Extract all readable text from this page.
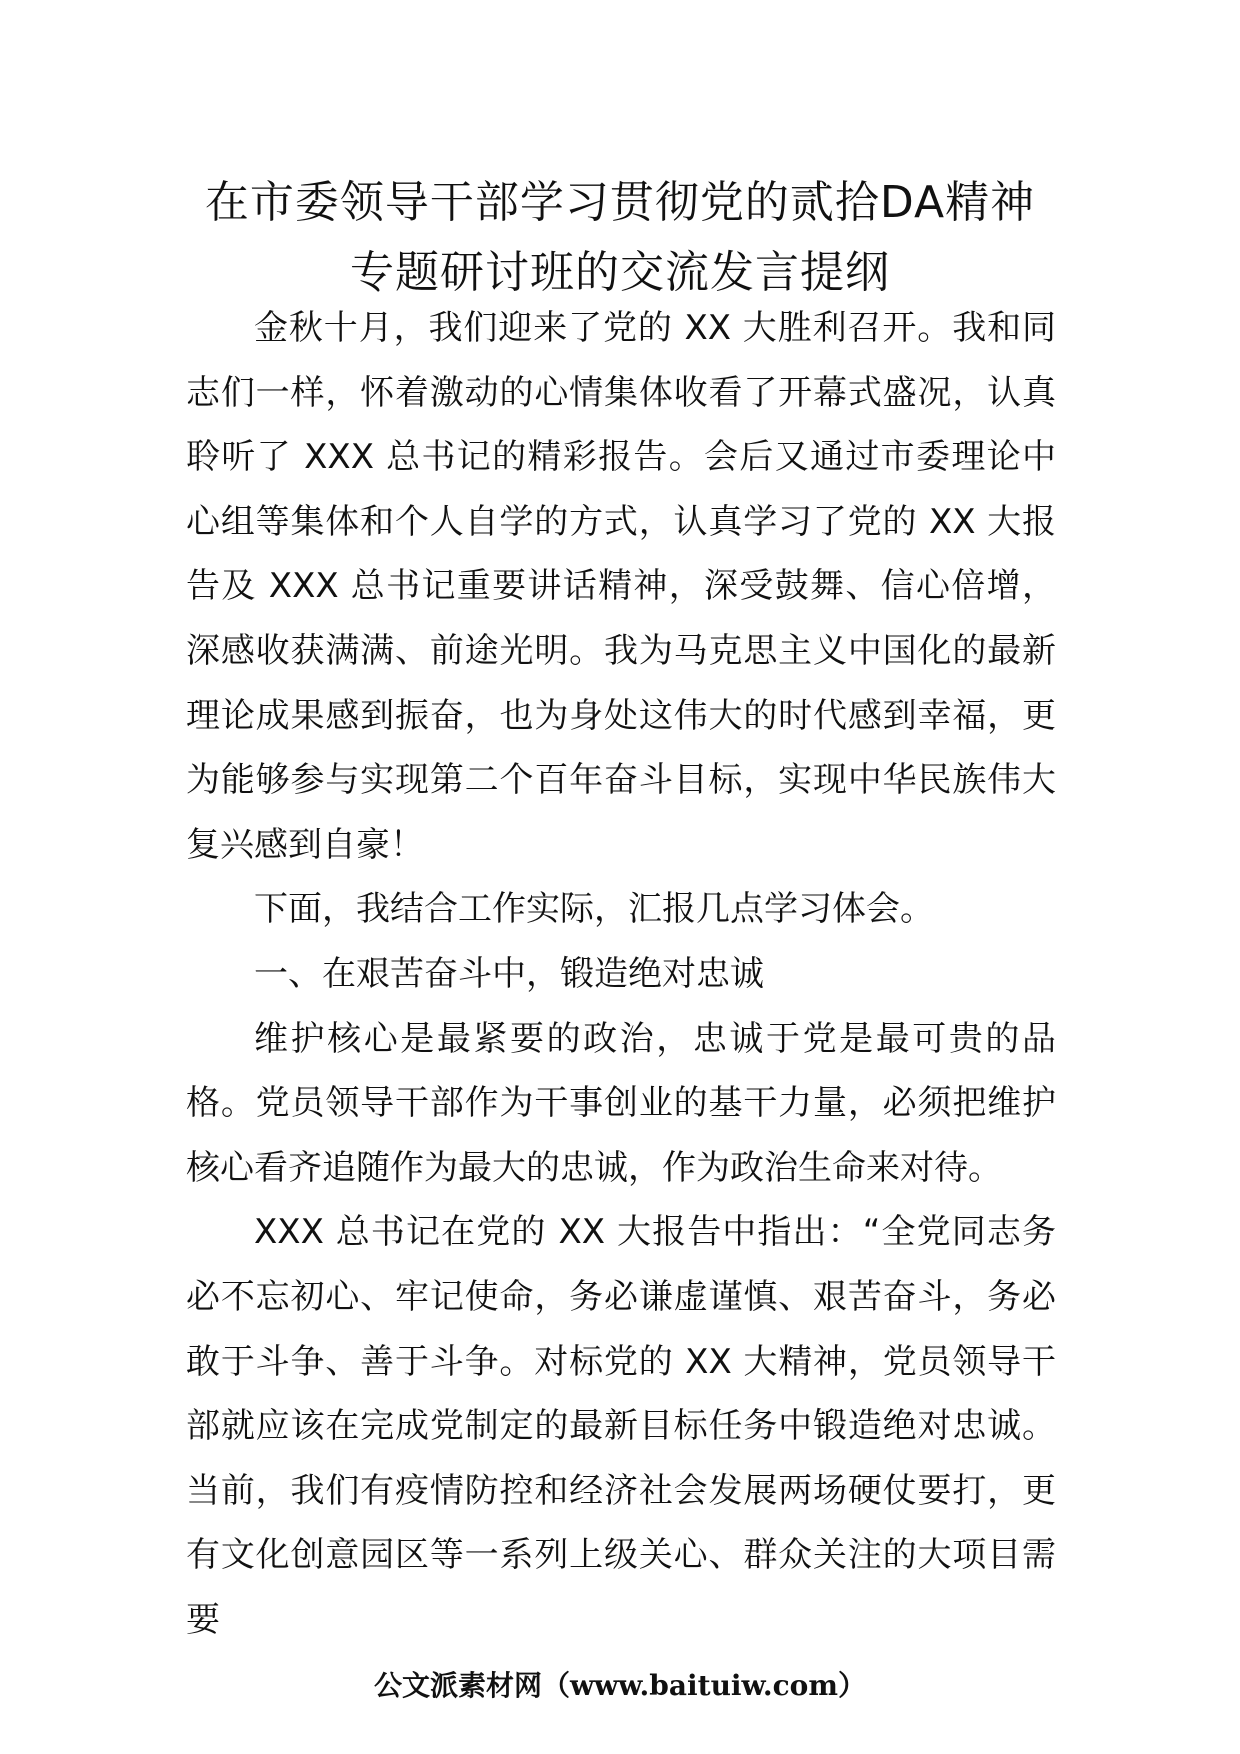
在市委领导干部学习贯彻党的贰拾DA精神
专题研讨班的交流发言提纲

金秋十月，我们迎来了党的 XX 大胜利召开。我和同志们一样，怀着激动的心情集体收看了开幕式盛况，认真聆听了 XXX 总书记的精彩报告。会后又通过市委理论中心组等集体和个人自学的方式，认真学习了党的 XX 大报告及 XXX 总书记重要讲话精神，深受鼓舞、信心倍增，深感收获满满、前途光明。我为马克思主义中国化的最新理论成果感到振奋，也为身处这伟大的时代感到幸福，更为能够参与实现第二个百年奋斗目标，实现中华民族伟大复兴感到自豪！

下面，我结合工作实际，汇报几点学习体会。

一、在艰苦奋斗中，锻造绝对忠诚

维护核心是最紧要的政治，忠诚于党是最可贵的品格。党员领导干部作为干事创业的基干力量，必须把维护核心看齐追随作为最大的忠诚，作为政治生命来对待。

XXX 总书记在党的 XX 大报告中指出：“全党同志务必不忘初心、牢记使命，务必谦虚谨慎、艰苦奋斗，务必敢于斗争、善于斗争。对标党的 XX 大精神，党员领导干部就应该在完成党制定的最新目标任务中锻造绝对忠诚。当前，我们有疫情防控和经济社会发展两场硬仗要打，更有文化创意园区等一系列上级关心、群众关注的大项目需要

公文派素材网（www.baituiw.com）
